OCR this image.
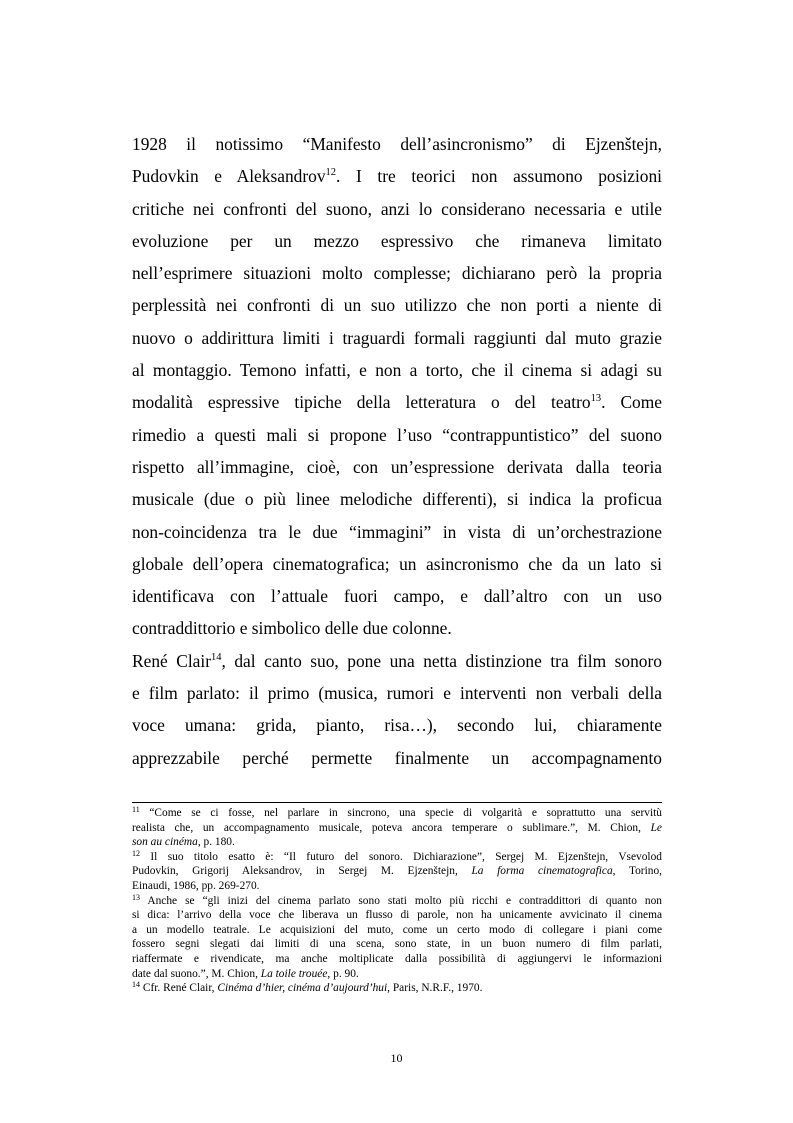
1928 il notissimo “Manifesto dell’asincronismo” di Ejzenštejn,
Pudovkin e Aleksandrov$^{12}$. I tre teorici non assumono posizioni
critiche nei confronti del suono, anzi lo considerano necessaria e utile
evoluzione per un mezzo espressivo che rimaneva limitato
nell’esprimere situazioni molto complesse; dichiarano però la propria
perplessità nei confronti di un suo utilizzo che non porti a niente di
nuovo o addirittura limiti i traguardi formali raggiunti dal muto grazie
al montaggio. Temono infatti, e non a torto, che il cinema si adagi su
modalità espressive tipiche della letteratura o del teatro$^{13}$. Come
rimedio a questi mali si propone l’uso “contrappuntistico” del suono
rispetto all’immagine, cioè, con un’espressione derivata dalla teoria
musicale (due o più linee melodiche differenti), si indica la proficua
non-coincidenza tra le due “immagini” in vista di un’orchestrazione
globale dell’opera cinematografica; un asincronismo che da un lato si
identificava con l’attuale fuori campo, e dall’altro con un uso
contraddittorio e simbolico delle due colonne.
René Clair$^{14}$, dal canto suo, pone una netta distinzione tra film sonoro
e film parlato: il primo (musica, rumori e interventi non verbali della
voce umana: grida, pianto, risa…), secondo lui, chiaramente
apprezzabile perché permette finalmente un accompagnamento
$^{11}$ “Come se ci fosse, nel parlare in sincrono, una specie di volgarità e soprattutto una servitù
realista che, un accompagnamento musicale, poteva ancora temperare o sublimare.”, M. Chion, Le
son au cinéma, p. 180.
$^{12}$ Il suo titolo esatto è: “Il futuro del sonoro. Dichiarazione”, Sergej M. Ejzenštejn, Vsevolod
Pudovkin, Grigorij Aleksandrov, in Sergej M. Ejzenštejn, La forma cinematografica, Torino,
Einaudi, 1986, pp. 269-270.
$^{13}$ Anche se “gli inizi del cinema parlato sono stati molto più ricchi e contraddittori di quanto non
si dica: l’arrivo della voce che liberava un flusso di parole, non ha unicamente avvicinato il cinema
a un modello teatrale. Le acquisizioni del muto, come un certo modo di collegare i piani come
fossero segni slegati dai limiti di una scena, sono state, in un buon numero di film parlati,
riaffermate e rivendicate, ma anche moltiplicate dalla possibilità di aggiungervi le informazioni
date dal suono.”, M. Chion, La toile trouée, p. 90.
$^{14}$ Cfr. René Clair, Cinéma d’hier, cinéma d’aujourd’hui, Paris, N.R.F., 1970.
10
